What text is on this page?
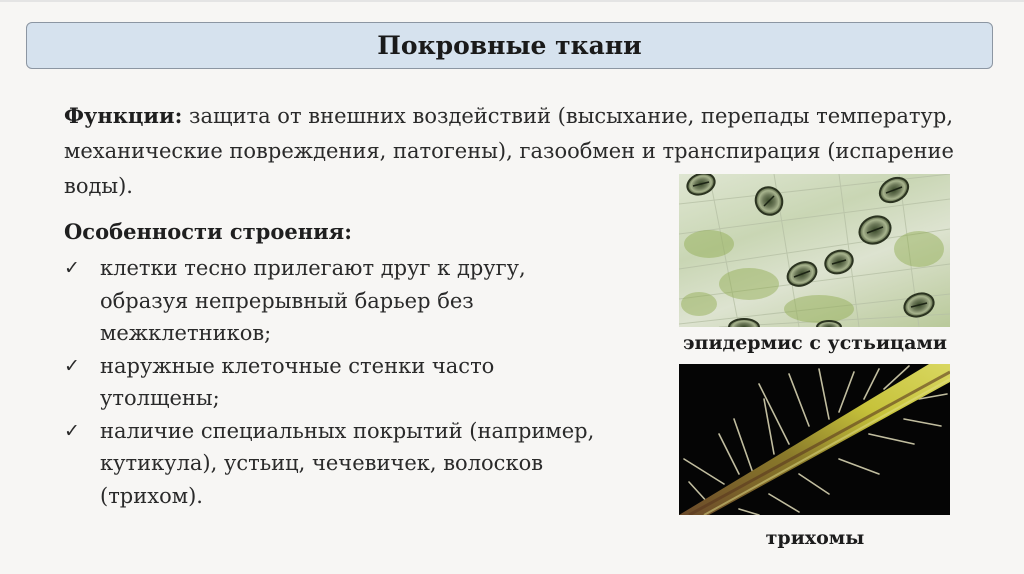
Покровные ткани
Функции: защита от внешних воздействий (высыхание, перепады температур, механические повреждения, патогены), газообмен и транспирация (испарение воды).
Особенности строения:
✓ клетки тесно прилегают друг к другу, образуя непрерывный барьер без межклетников;
✓ наружные клеточные стенки часто утолщены;
✓ наличие специальных покрытий (например, кутикула), устьиц, чечевичек, волосков (трихом).
эпидермис с устьицами
трихомы
